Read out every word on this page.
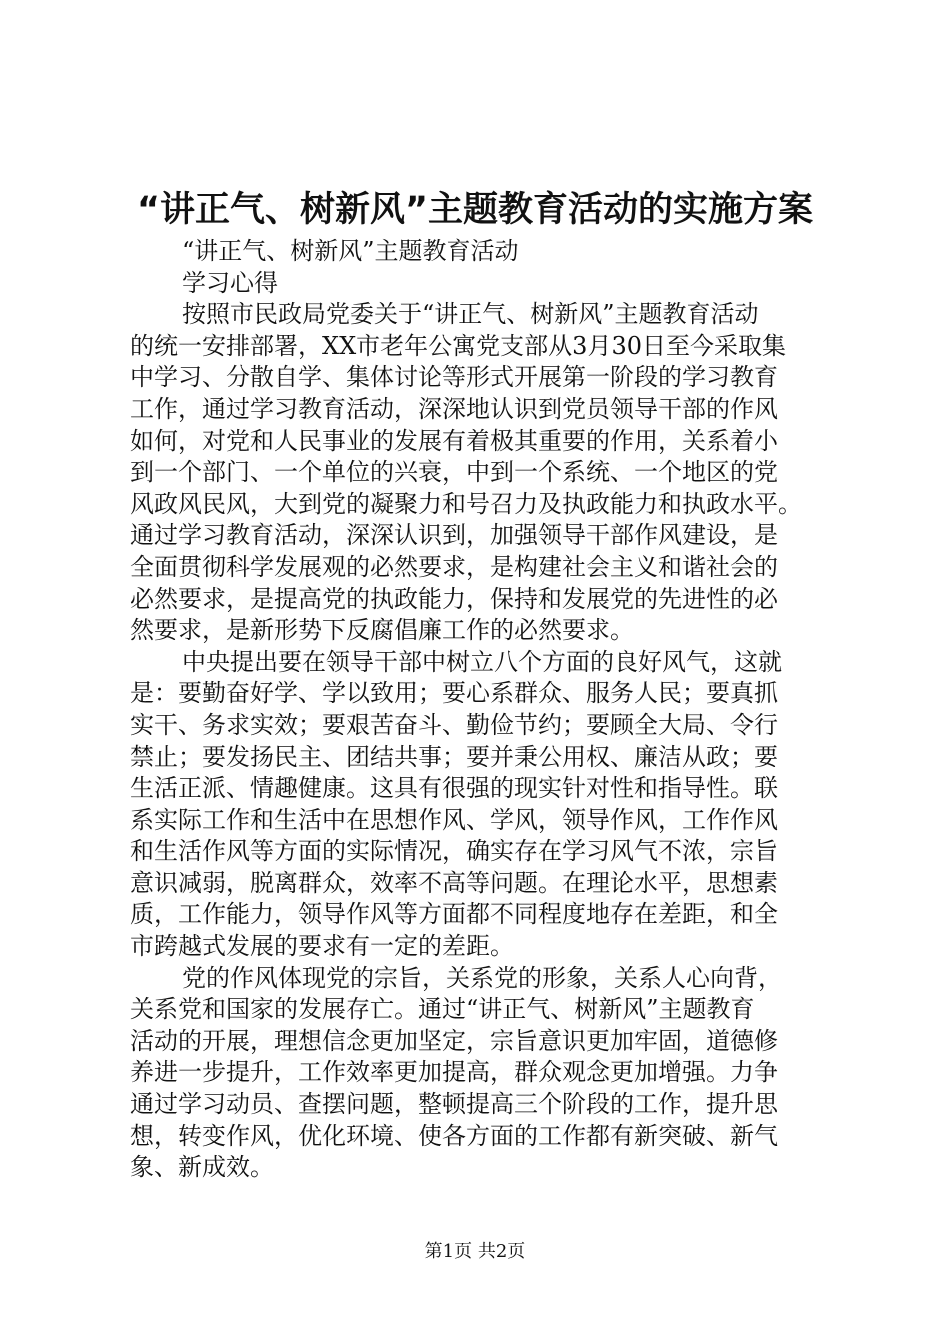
“讲正气、树新风”主题教育活动的实施方案
“讲正气、树新风”主题教育活动
学习心得
按照市民政局党委关于“讲正气、树新风”主题教育活动
的统一安排部署，XX市老年公寓党支部从3月30日至今采取集
中学习、分散自学、集体讨论等形式开展第一阶段的学习教育
工作，通过学习教育活动，深深地认识到党员领导干部的作风
如何，对党和人民事业的发展有着极其重要的作用，关系着小
到一个部门、一个单位的兴衰，中到一个系统、一个地区的党
风政风民风，大到党的凝聚力和号召力及执政能力和执政水平。
通过学习教育活动，深深认识到，加强领导干部作风建设，是
全面贯彻科学发展观的必然要求，是构建社会主义和谐社会的
必然要求，是提高党的执政能力，保持和发展党的先进性的必
然要求，是新形势下反腐倡廉工作的必然要求。
中央提出要在领导干部中树立八个方面的良好风气，这就
是：要勤奋好学、学以致用；要心系群众、服务人民；要真抓
实干、务求实效；要艰苦奋斗、勤俭节约；要顾全大局、令行
禁止；要发扬民主、团结共事；要并秉公用权、廉洁从政；要
生活正派、情趣健康。这具有很强的现实针对性和指导性。联
系实际工作和生活中在思想作风、学风，领导作风，工作作风
和生活作风等方面的实际情况，确实存在学习风气不浓，宗旨
意识减弱，脱离群众，效率不高等问题。在理论水平，思想素
质，工作能力，领导作风等方面都不同程度地存在差距，和全
市跨越式发展的要求有一定的差距。
党的作风体现党的宗旨，关系党的形象，关系人心向背，
关系党和国家的发展存亡。通过“讲正气、树新风”主题教育
活动的开展，理想信念更加坚定，宗旨意识更加牢固，道德修
养进一步提升，工作效率更加提高，群众观念更加增强。力争
通过学习动员、查摆问题，整顿提高三个阶段的工作，提升思
想，转变作风，优化环境、使各方面的工作都有新突破、新气
象、新成效。
第1页 共2页
